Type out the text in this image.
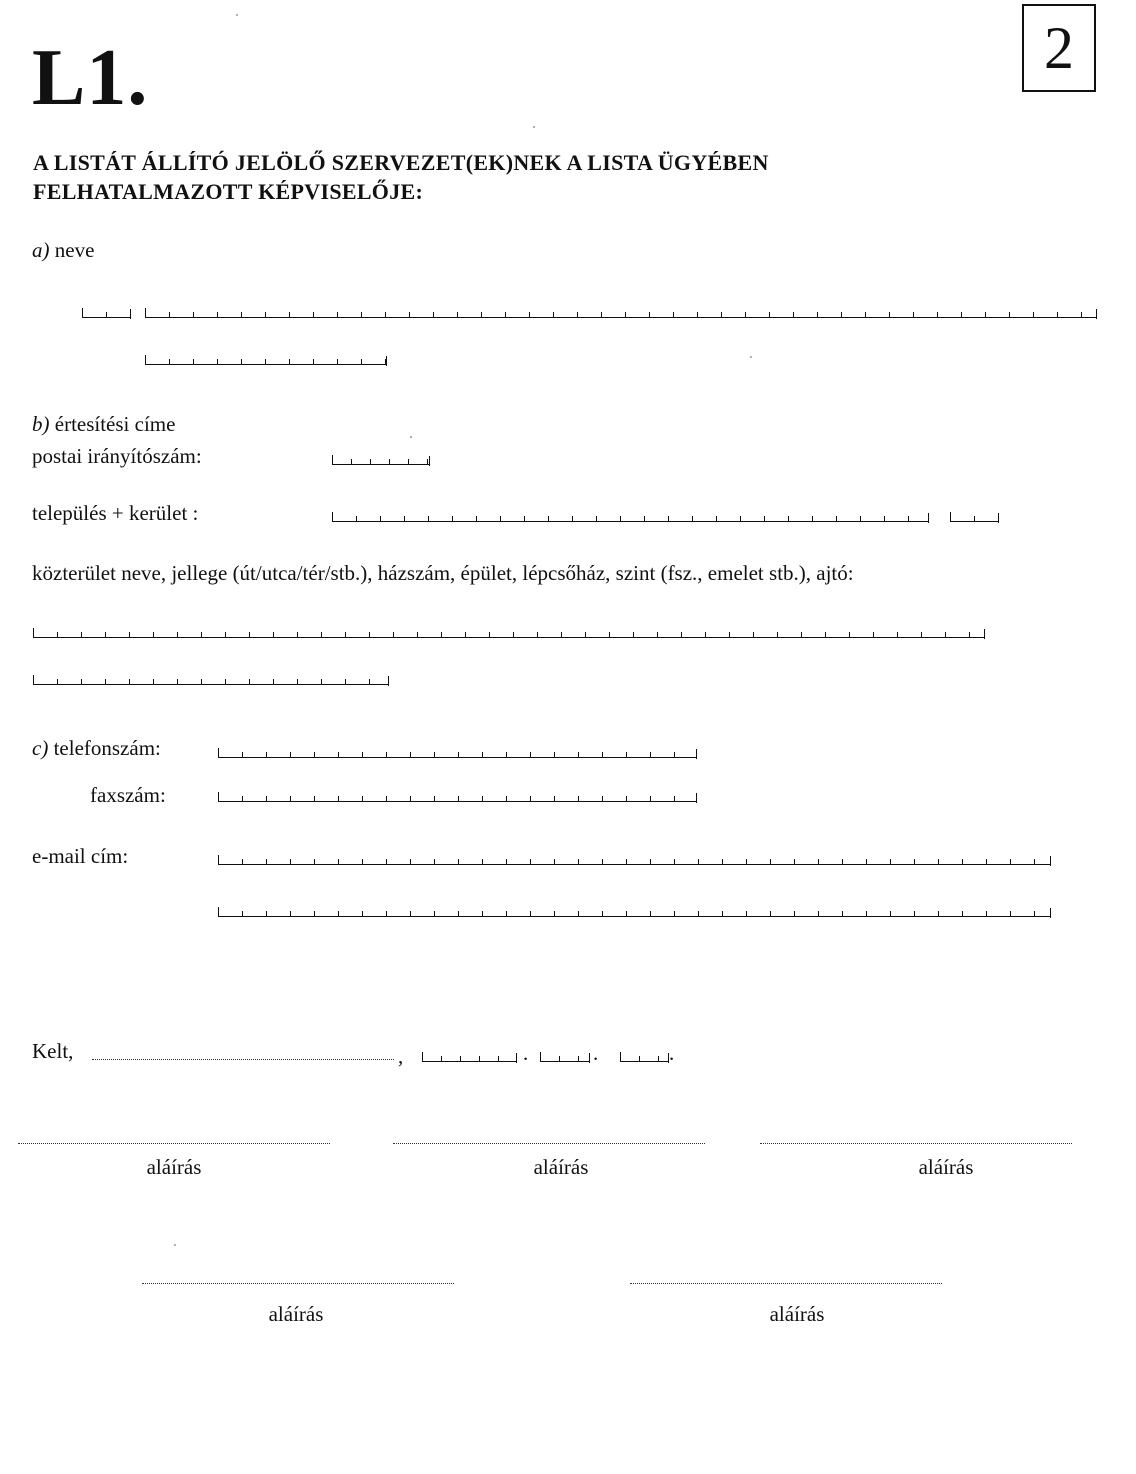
L1.	2
A LISTÁT ÁLLÍTÓ JELÖLŐ SZERVEZET(EK)NEK A LISTA ÜGYÉBEN
FELHATALMAZOTT KÉPVISELŐJE:
a) neve
b) értesítési címe
postai irányítószám:
település + kerület :
közterület neve, jellege (út/utca/tér/stb.), házszám, épület, lépcsőház, szint (fsz., emelet stb.), ajtó:
c) telefonszám:
faxszám:
e-mail cím:
Kelt,	,	.	.	.
aláírás	aláírás	aláírás
aláírás	aláírás
